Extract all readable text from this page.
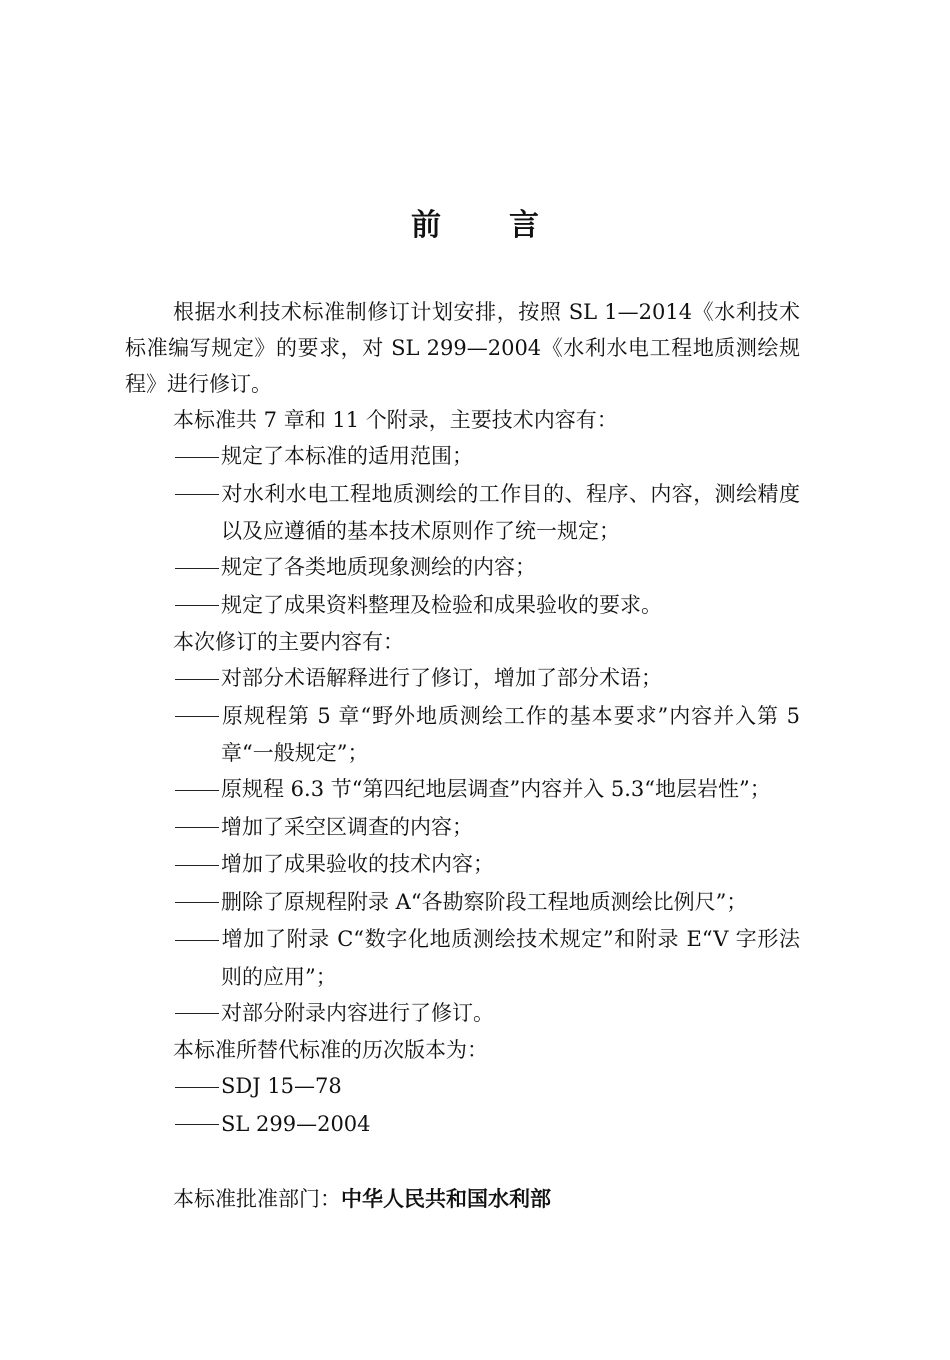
前言

根据水利技术标准制修订计划安排，按照 SL 1—2014《水利技术标准编写规定》的要求，对 SL 299—2004《水利水电工程地质测绘规程》进行修订。

本标准共 7 章和 11 个附录，主要技术内容有：

规定了本标准的适用范围；

对水利水电工程地质测绘的工作目的、程序、内容，测绘精度以及应遵循的基本技术原则作了统一规定；

规定了各类地质现象测绘的内容；

规定了成果资料整理及检验和成果验收的要求。

本次修订的主要内容有：

对部分术语解释进行了修订，增加了部分术语；

原规程第 5 章“野外地质测绘工作的基本要求”内容并入第 5 章“一般规定”；

原规程 6.3 节“第四纪地层调查”内容并入 5.3“地层岩性”；

增加了采空区调查的内容；

增加了成果验收的技术内容；

删除了原规程附录 A“各勘察阶段工程地质测绘比例尺”；

增加了附录 C“数字化地质测绘技术规定”和附录 E“V 字形法则的应用”；

对部分附录内容进行了修订。

本标准所替代标准的历次版本为：

SDJ 15—78

SL 299—2004

本标准批准部门：中华人民共和国水利部
